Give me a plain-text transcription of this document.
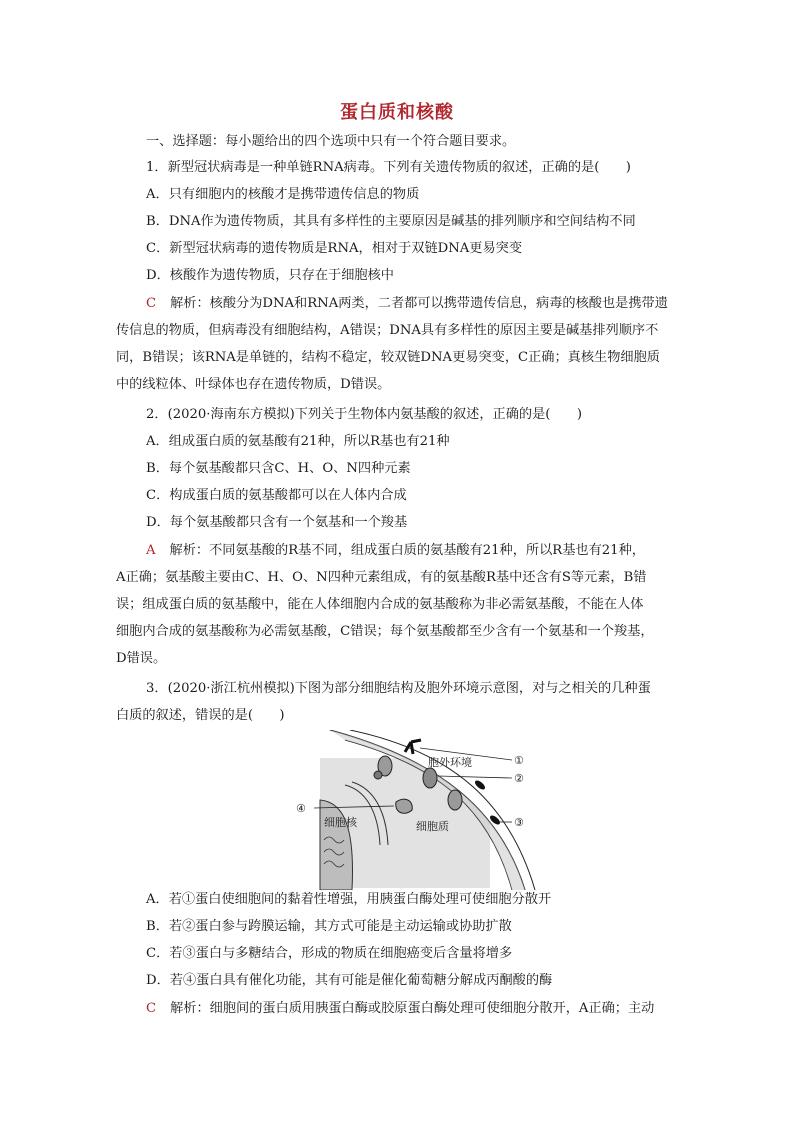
蛋白质和核酸
一、选择题：每小题给出的四个选项中只有一个符合题目要求。
1．新型冠状病毒是一种单链RNA病毒。下列有关遗传物质的叙述，正确的是(　　)
A．只有细胞内的核酸才是携带遗传信息的物质
B．DNA作为遗传物质，其具有多样性的主要原因是碱基的排列顺序和空间结构不同
C．新型冠状病毒的遗传物质是RNA，相对于双链DNA更易突变
D．核酸作为遗传物质，只存在于细胞核中
C 解析：核酸分为DNA和RNA两类，二者都可以携带遗传信息，病毒的核酸也是携带遗
传信息的物质，但病毒没有细胞结构，A错误；DNA具有多样性的原因主要是碱基排列顺序不
同，B错误；该RNA是单链的，结构不稳定，较双链DNA更易突变，C正确；真核生物细胞质
中的线粒体、叶绿体也存在遗传物质，D错误。
2．(2020·海南东方模拟)下列关于生物体内氨基酸的叙述，正确的是(　　)
A．组成蛋白质的氨基酸有21种，所以R基也有21种
B．每个氨基酸都只含C、H、O、N四种元素
C．构成蛋白质的氨基酸都可以在人体内合成
D．每个氨基酸都只含有一个氨基和一个羧基
A 解析：不同氨基酸的R基不同，组成蛋白质的氨基酸有21种，所以R基也有21种，
A正确；氨基酸主要由C、H、O、N四种元素组成，有的氨基酸R基中还含有S等元素，B错
误；组成蛋白质的氨基酸中，能在人体细胞内合成的氨基酸称为非必需氨基酸，不能在人体
细胞内合成的氨基酸称为必需氨基酸，C错误；每个氨基酸都至少含有一个氨基和一个羧基，
D错误。
3．(2020·浙江杭州模拟)下图为部分细胞结构及胞外环境示意图，对与之相关的几种蛋
白质的叙述，错误的是(　　)
①
②
③
④
胞外环境
细胞质
细胞核
A．若①蛋白使细胞间的黏着性增强，用胰蛋白酶处理可使细胞分散开
B．若②蛋白参与跨膜运输，其方式可能是主动运输或协助扩散
C．若③蛋白与多糖结合，形成的物质在细胞癌变后含量将增多
D．若④蛋白具有催化功能，其有可能是催化葡萄糖分解成丙酮酸的酶
C 解析：细胞间的蛋白质用胰蛋白酶或胶原蛋白酶处理可使细胞分散开，A正确；主动
